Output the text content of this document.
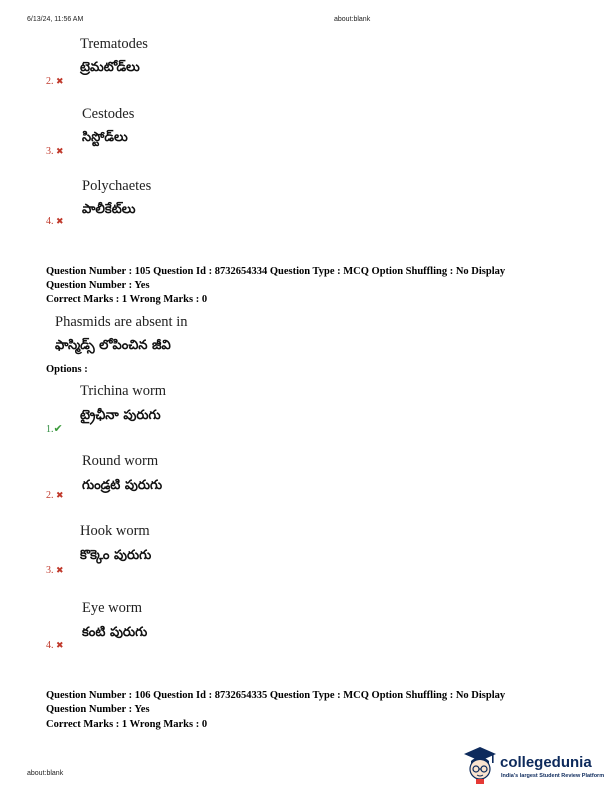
6/13/24, 11:56 AM	about:blank
Trematodes
ట్రెమటోడ్‌లు
2. ✖
Cestodes
సిస్టోడ్‌లు
3. ✖
Polychaetes
పాలీకేట్‌లు
4. ✖
Question Number : 105 Question Id : 8732654334 Question Type : MCQ Option Shuffling : No Display
Question Number : Yes
Correct Marks : 1 Wrong Marks : 0
Phasmids are absent in
ఫాస్మిడ్స్ లోపించిన జీవి
Options :
Trichina worm
ట్రైఛీనా పురుగు
1.✔
Round worm
గుండ్రటి పురుగు
2. ✖
Hook worm
కొక్కెం పురుగు
3. ✖
Eye worm
కంటి పురుగు
4. ✖
Question Number : 106 Question Id : 8732654335 Question Type : MCQ Option Shuffling : No Display
Question Number : Yes
Correct Marks : 1 Wrong Marks : 0
about:blank
collegedunia
India's largest Student Review Platform
